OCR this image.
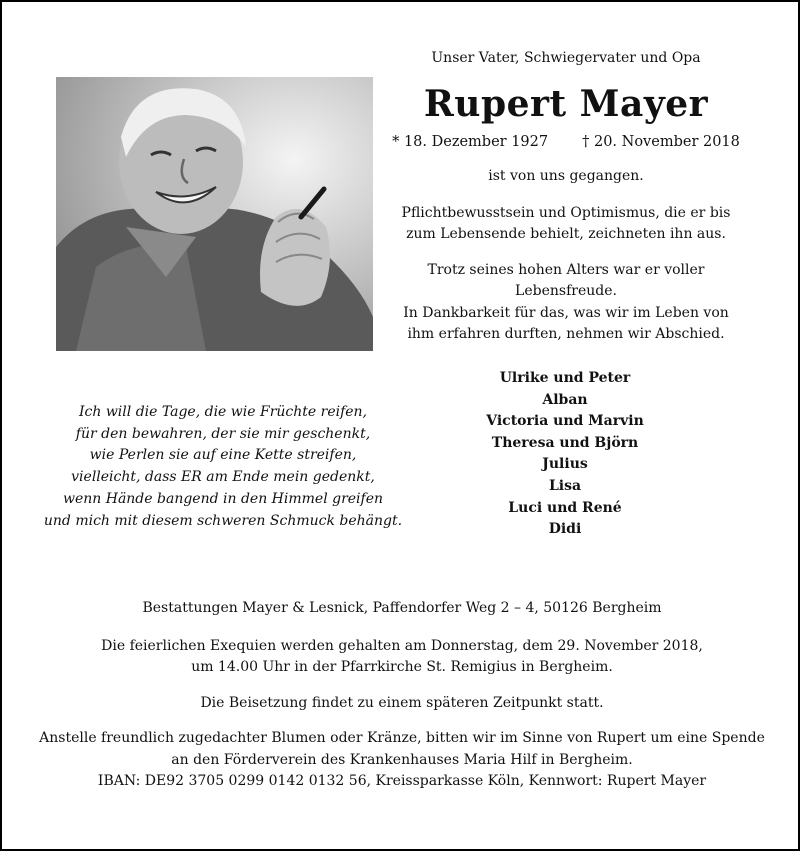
Unser Vater, Schwiegervater und Opa
Rupert Mayer
* 18. Dezember 1927 † 20. November 2018
ist von uns gegangen.
Pflichtbewusstsein und Optimismus, die er bis
zum Lebensende behielt, zeichneten ihn aus.
Trotz seines hohen Alters war er voller Lebensfreude.
In Dankbarkeit für das, was wir im Leben von
ihm erfahren durften, nehmen wir Abschied.
Ich will die Tage, die wie Früchte reifen,
für den bewahren, der sie mir geschenkt,
wie Perlen sie auf eine Kette streifen,
vielleicht, dass ER am Ende mein gedenkt,
wenn Hände bangend in den Himmel greifen
und mich mit diesem schweren Schmuck behängt.
Ulrike und Peter
Alban
Victoria und Marvin
Theresa und Björn
Julius
Lisa
Luci und René
Didi
Bestattungen Mayer & Lesnick, Paffendorfer Weg 2 – 4, 50126 Bergheim
Die feierlichen Exequien werden gehalten am Donnerstag, dem 29. November 2018,
um 14.00 Uhr in der Pfarrkirche St. Remigius in Bergheim.
Die Beisetzung findet zu einem späteren Zeitpunkt statt.
Anstelle freundlich zugedachter Blumen oder Kränze, bitten wir im Sinne von Rupert um eine Spende
an den Förderverein des Krankenhauses Maria Hilf in Bergheim.
IBAN: DE92 3705 0299 0142 0132 56, Kreissparkasse Köln, Kennwort: Rupert Mayer
